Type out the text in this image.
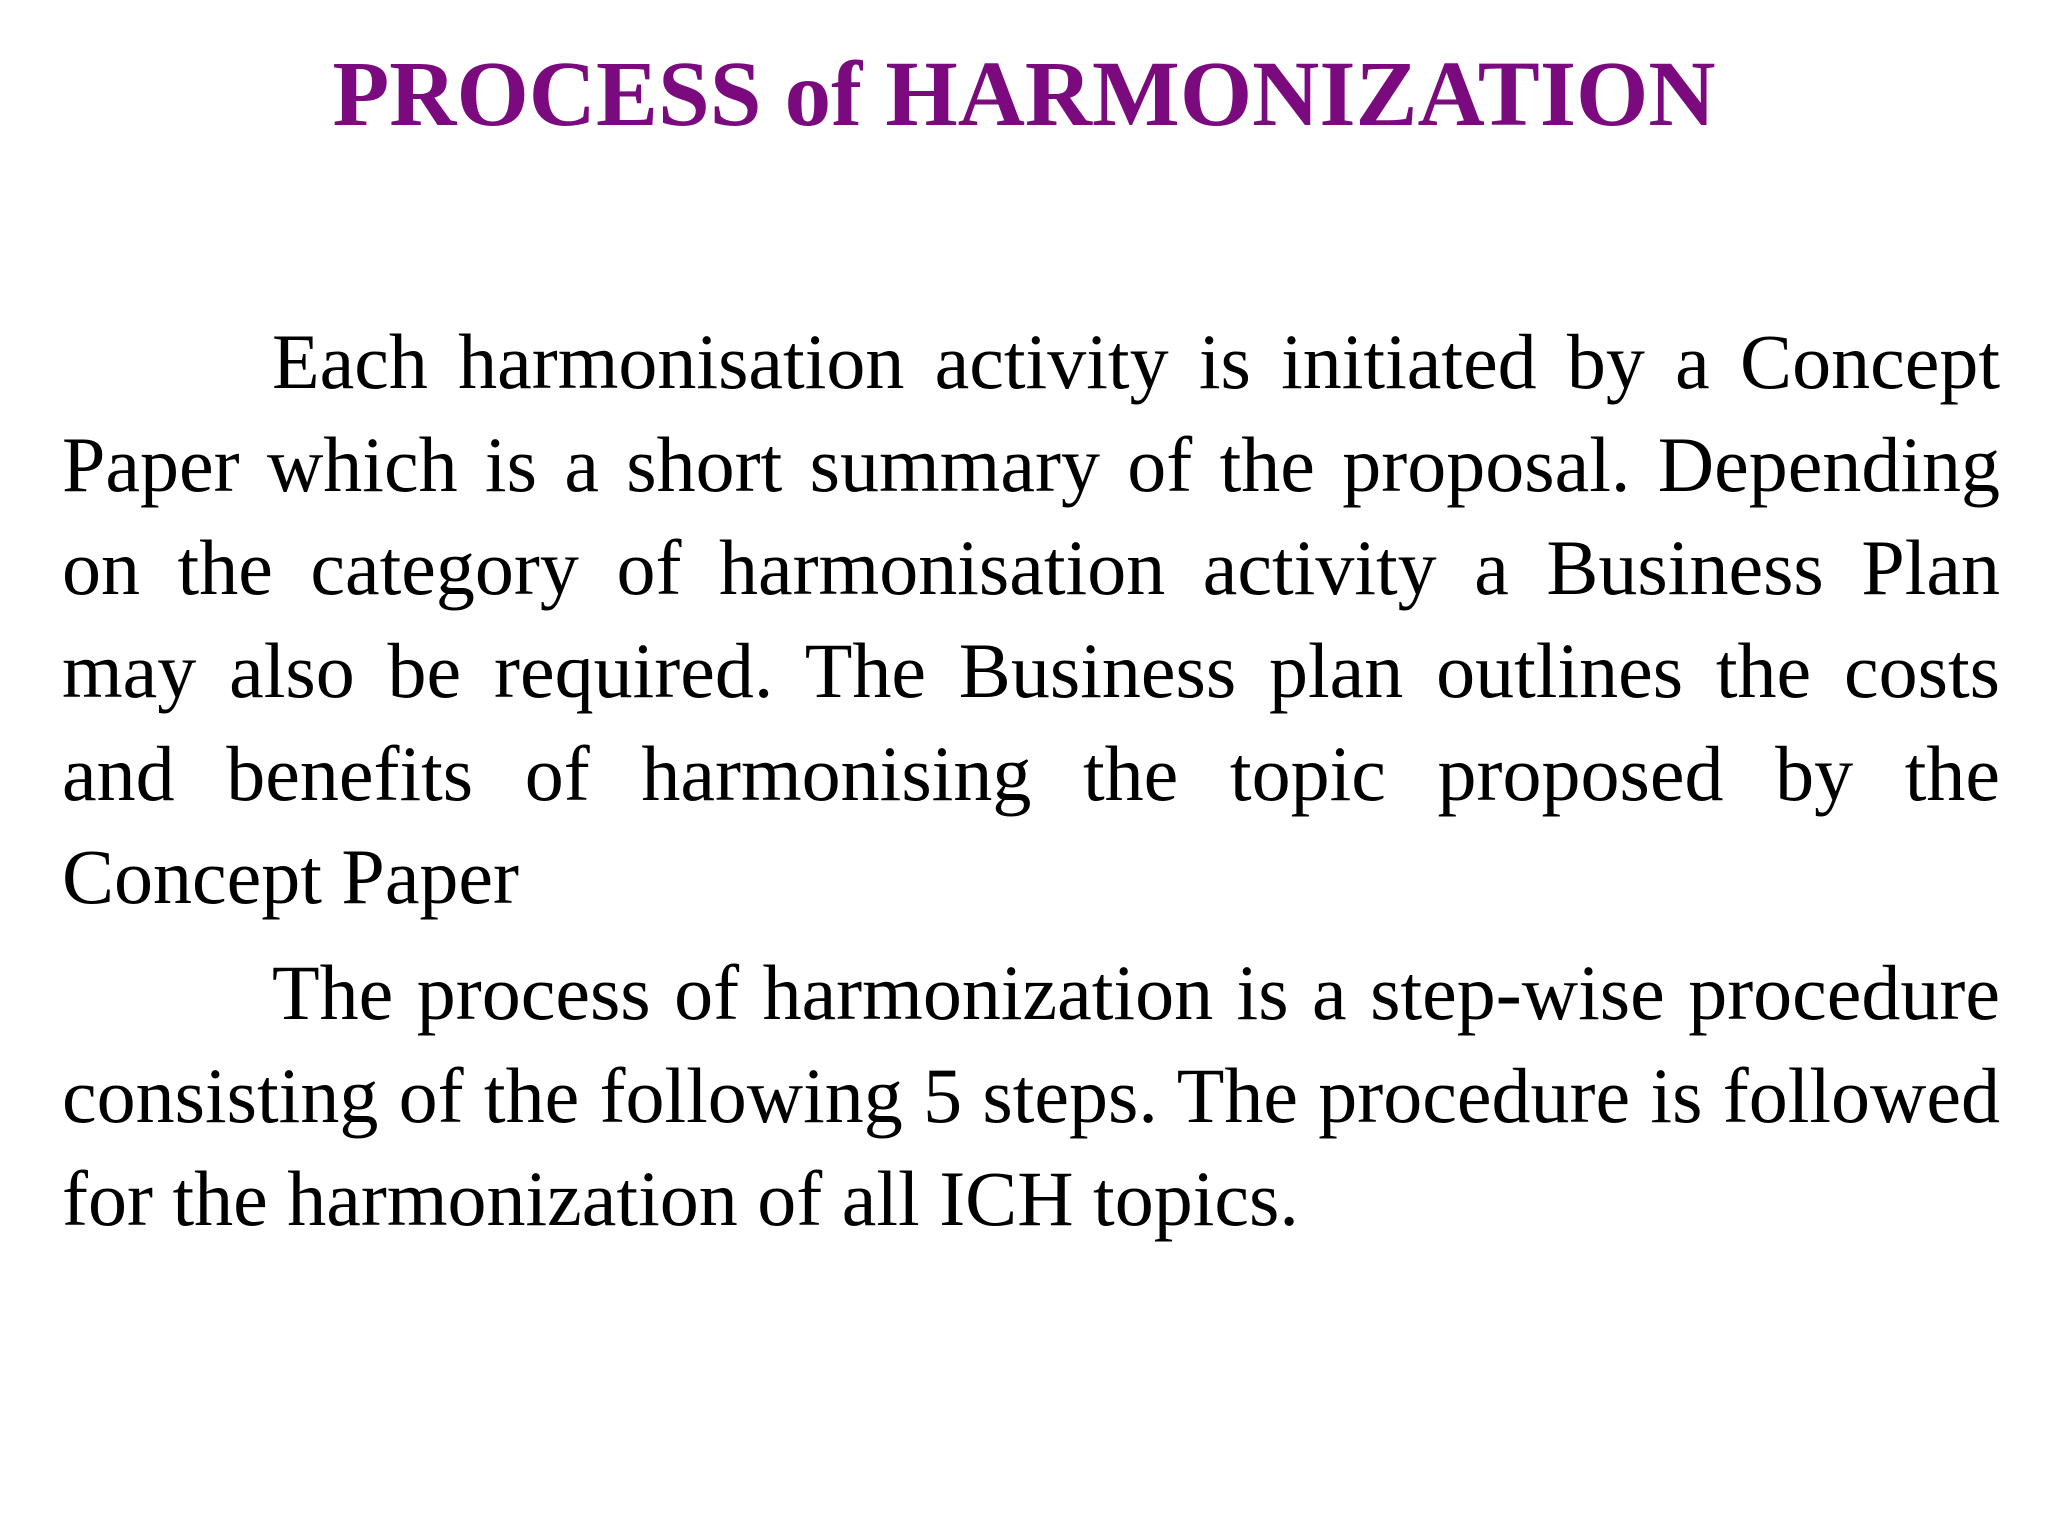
PROCESS of HARMONIZATION

Each harmonisation activity is initiated by a Concept Paper which is a short summary of the proposal. Depending on the category of harmonisation activity a Business Plan may also be required. The Business plan outlines the costs and benefits of harmonising the topic proposed by the Concept Paper

The process of harmonization is a step-wise procedure consisting of the following 5 steps. The procedure is followed for the harmonization of all ICH topics.
